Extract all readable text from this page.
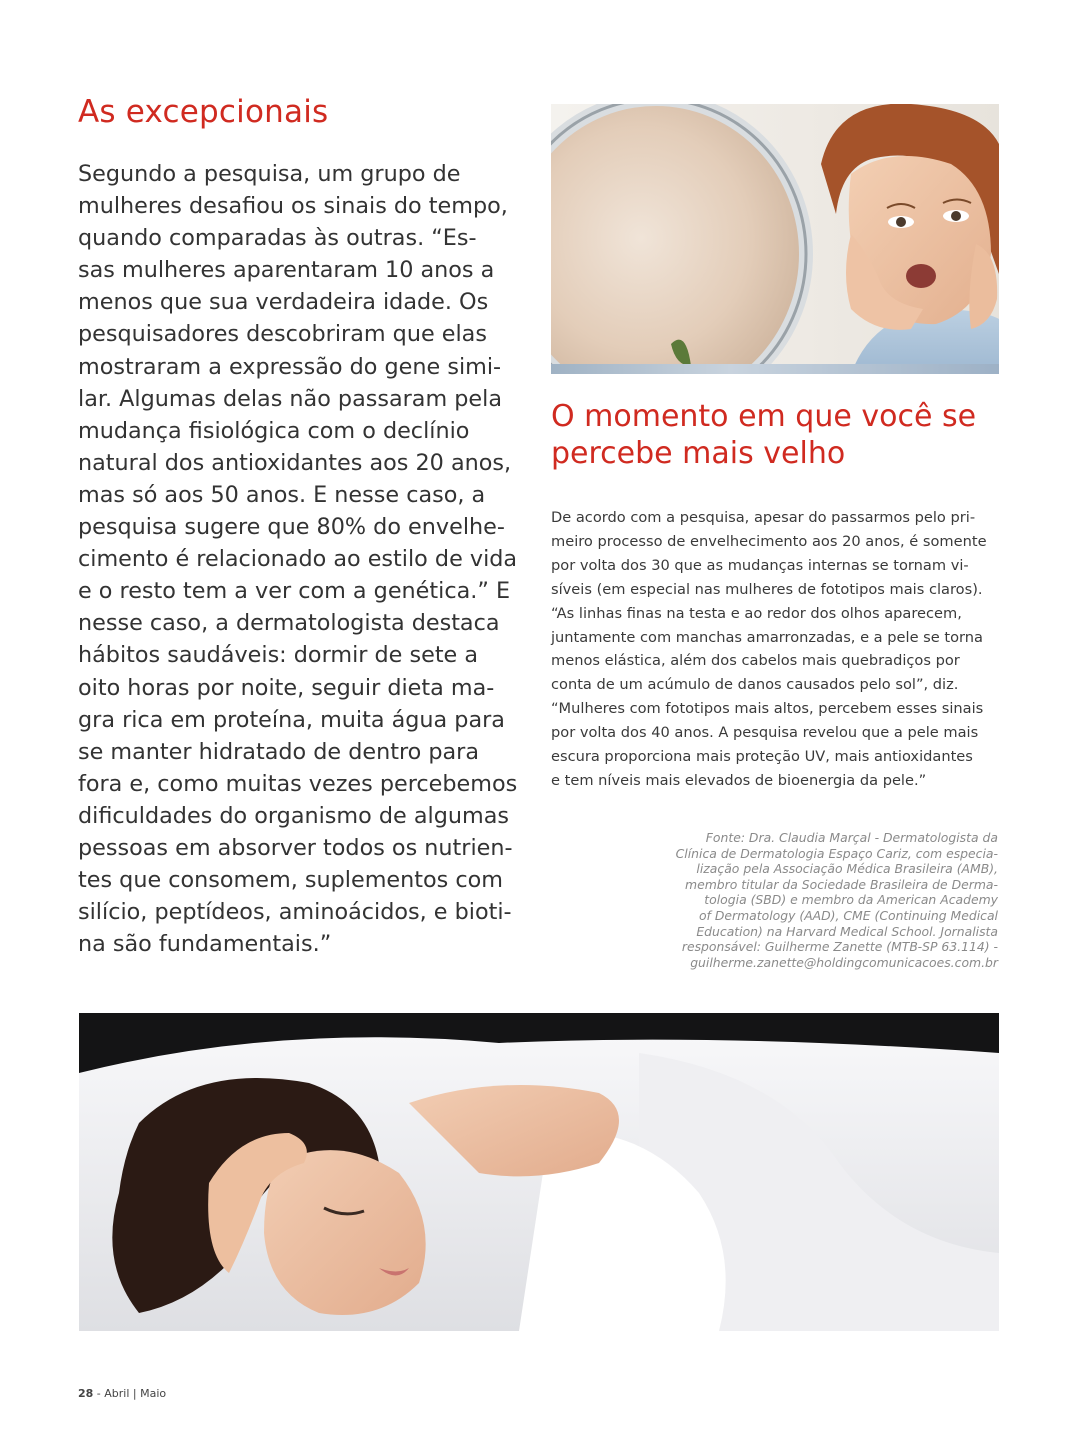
As excepcionais
Segundo a pesquisa, um grupo de
mulheres desafiou os sinais do tempo,
quando comparadas às outras. “Es-
sas mulheres aparentaram 10 anos a
menos que sua verdadeira idade. Os
pesquisadores descobriram que elas
mostraram a expressão do gene simi-
lar. Algumas delas não passaram pela
mudança fisiológica com o declínio
natural dos antioxidantes aos 20 anos,
mas só aos 50 anos. E nesse caso, a
pesquisa sugere que 80% do envelhe-
cimento é relacionado ao estilo de vida
e o resto tem a ver com a genética.” E
nesse caso, a dermatologista destaca
hábitos saudáveis: dormir de sete a
oito horas por noite, seguir dieta ma-
gra rica em proteína, muita água para
se manter hidratado de dentro para
fora e, como muitas vezes percebemos
dificuldades do organismo de algumas
pessoas em absorver todos os nutrien-
tes que consomem, suplementos com
silício, peptídeos, aminoácidos, e bioti-
na são fundamentais.”
O momento em que você se
percebe mais velho
De acordo com a pesquisa, apesar do passarmos pelo pri-
meiro processo de envelhecimento aos 20 anos, é somente
por volta dos 30 que as mudanças internas se tornam vi-
síveis (em especial nas mulheres de fototipos mais claros).
“As linhas finas na testa e ao redor dos olhos aparecem,
juntamente com manchas amarronzadas, e a pele se torna
menos elástica, além dos cabelos mais quebradiços por
conta de um acúmulo de danos causados pelo sol”, diz.
“Mulheres com fototipos mais altos, percebem esses sinais
por volta dos 40 anos. A pesquisa revelou que a pele mais
escura proporciona mais proteção UV, mais antioxidantes
e tem níveis mais elevados de bioenergia da pele.”
Fonte: Dra. Claudia Marçal - Dermatologista da
Clínica de Dermatologia Espaço Cariz, com especia-
lização pela Associação Médica Brasileira (AMB),
membro titular da Sociedade Brasileira de Derma-
tologia (SBD) e membro da American Academy
of Dermatology (AAD), CME (Continuing Medical
Education) na Harvard Medical School. Jornalista
responsável: Guilherme Zanette (MTB-SP 63.114) -
guilherme.zanette@holdingcomunicacoes.com.br
28 - Abril | Maio
